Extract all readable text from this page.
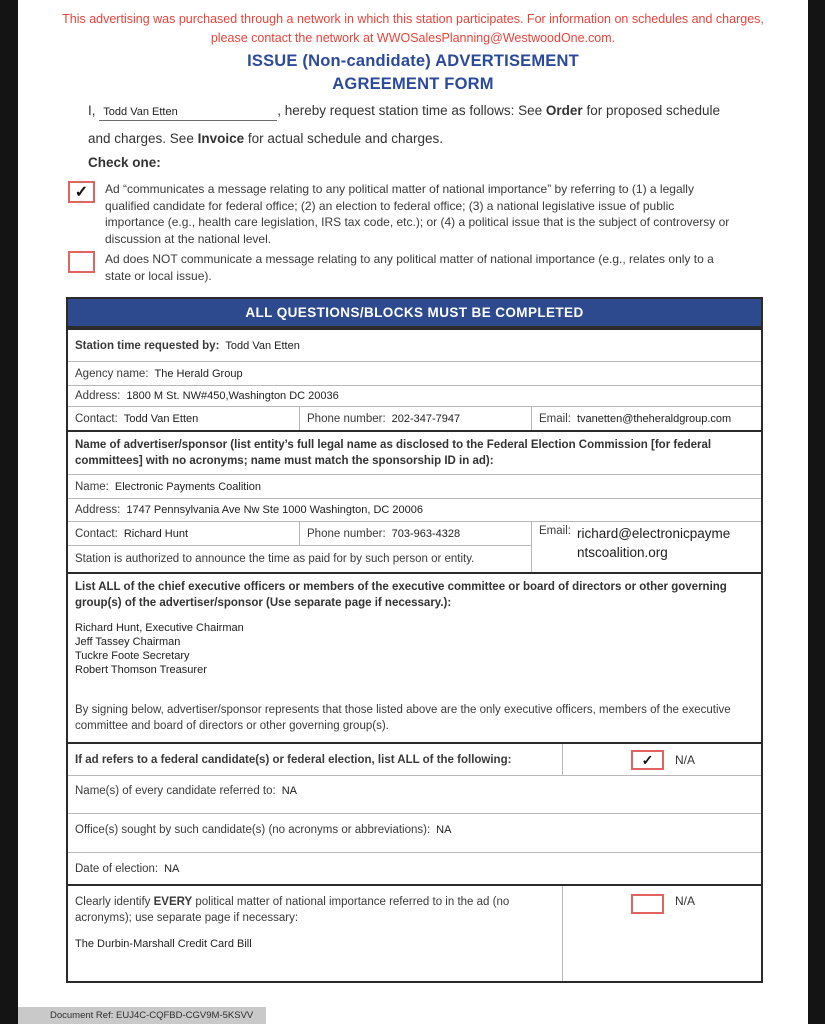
This advertising was purchased through a network in which this station participates. For information on schedules and charges, please contact the network at WWOSalesPlanning@WestwoodOne.com.
ISSUE (Non-candidate) ADVERTISEMENT
AGREEMENT FORM
I, Todd Van Etten	, hereby request station time as follows: See Order for proposed schedule and charges. See Invoice for actual schedule and charges.
Check one:
✓	Ad “communicates a message relating to any political matter of national importance” by referring to (1) a legally qualified candidate for federal office; (2) an election to federal office; (3) a national legislative issue of public importance (e.g., health care legislation, IRS tax code, etc.); or (4) a political issue that is the subject of controversy or discussion at the national level.
Ad does NOT communicate a message relating to any political matter of national importance (e.g., relates only to a state or local issue).
ALL QUESTIONS/BLOCKS MUST BE COMPLETED
Station time requested by: Todd Van Etten
Agency name: The Herald Group
Address: 1800 M St. NW#450,Washington DC 20036
Contact: Todd Van Etten	Phone number: 202-347-7947	Email: tvanetten@theheraldgroup.com
Name of advertiser/sponsor (list entity’s full legal name as disclosed to the Federal Election Commission [for federal committees] with no acronyms; name must match the sponsorship ID in ad):
Name: Electronic Payments Coalition
Address: 1747 Pennsylvania Ave Nw Ste 1000 Washington, DC 20006
Contact: Richard Hunt	Phone number: 703-963-4328	Email: richard@electronicpaymentscoalition.org
Station is authorized to announce the time as paid for by such person or entity.
List ALL of the chief executive officers or members of the executive committee or board of directors or other governing group(s) of the advertiser/sponsor (Use separate page if necessary.):
Richard Hunt, Executive Chairman
Jeff Tassey Chairman
Tuckre Foote Secretary
Robert Thomson Treasurer
By signing below, advertiser/sponsor represents that those listed above are the only executive officers, members of the executive committee and board of directors or other governing group(s).
If ad refers to a federal candidate(s) or federal election, list ALL of the following:	✓	N/A
Name(s) of every candidate referred to: NA
Office(s) sought by such candidate(s) (no acronyms or abbreviations): NA
Date of election: NA
Clearly identify EVERY political matter of national importance referred to in the ad (no acronyms); use separate page if necessary:
The Durbin-Marshall Credit Card Bill
N/A
Document Ref: EUJ4C-CQFBD-CGV9M-5KSVV
